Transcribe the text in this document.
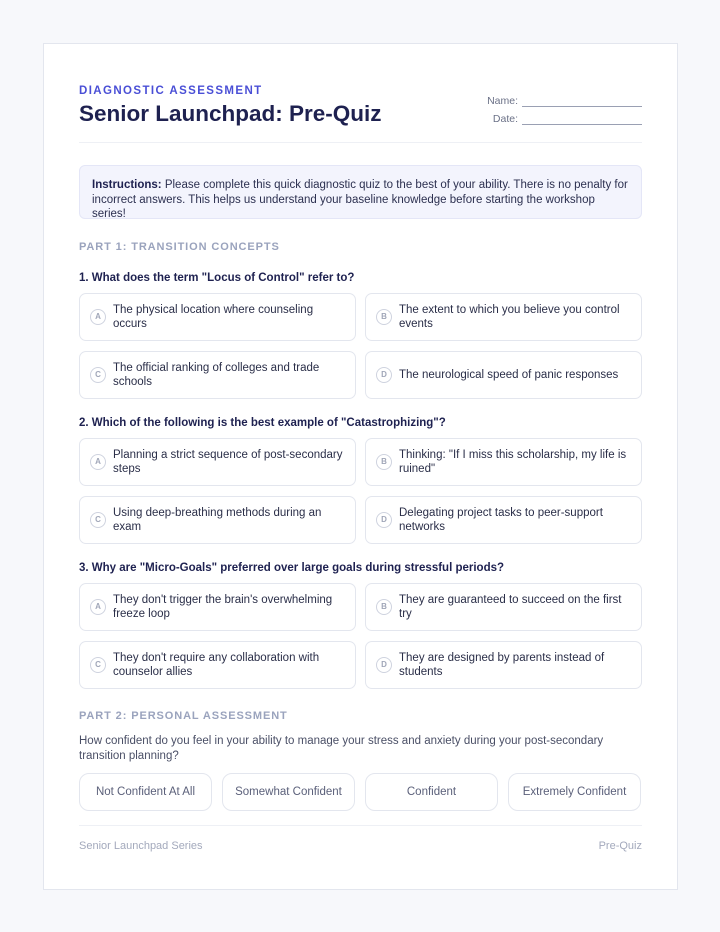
DIAGNOSTIC ASSESSMENT
Senior Launchpad: Pre-Quiz	Name:
Date:
Instructions: Please complete this quick diagnostic quiz to the best of your ability. There is no penalty for incorrect answers. This helps us understand your baseline knowledge before starting the workshop series!
PART 1: TRANSITION CONCEPTS
1. What does the term "Locus of Control" refer to?
A
The physical location where counseling occurs
B
The extent to which you believe you control events
C
The official ranking of colleges and trade schools
D	The neurological speed of panic responses
2. Which of the following is the best example of "Catastrophizing"?
A
Planning a strict sequence of post-secondary steps
B
Thinking: "If I miss this scholarship, my life is ruined"
C
Using deep-breathing methods during an exam
D
Delegating project tasks to peer-support networks
3. Why are "Micro-Goals" preferred over large goals during stressful periods?
A
They don't trigger the brain's overwhelming freeze loop
B
They are guaranteed to succeed on the first try
C
They don't require any collaboration with counselor allies
D
They are designed by parents instead of students
PART 2: PERSONAL ASSESSMENT
How confident do you feel in your ability to manage your stress and anxiety during your post-secondary transition planning?
Not Confident At All	Somewhat Confident	Confident	Extremely Confident
Senior Launchpad Series	Pre-Quiz
